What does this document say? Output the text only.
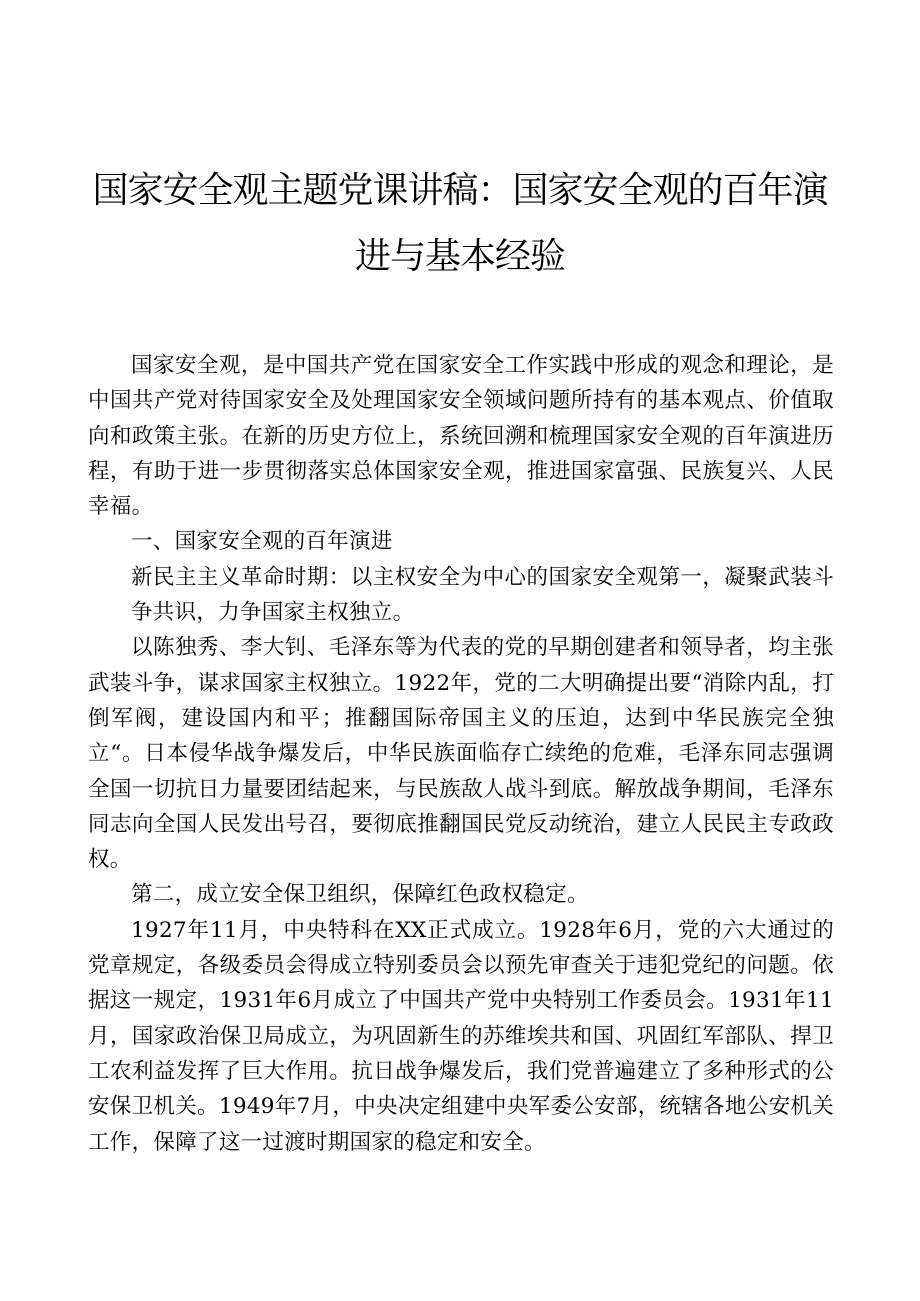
国家安全观主题党课讲稿：国家安全观的百年演
进与基本经验

国家安全观，是中国共产党在国家安全工作实践中形成的观念和理论，是中国共产党对待国家安全及处理国家安全领域问题所持有的基本观点、价值取向和政策主张。在新的历史方位上，系统回溯和梳理国家安全观的百年演进历程，有助于进一步贯彻落实总体国家安全观，推进国家富强、民族复兴、人民幸福。

一、国家安全观的百年演进

新民主主义革命时期：以主权安全为中心的国家安全观第一，凝聚武装斗争共识，力争国家主权独立。

以陈独秀、李大钊、毛泽东等为代表的党的早期创建者和领导者，均主张武装斗争，谋求国家主权独立。1922年，党的二大明确提出要“消除内乱，打倒军阀，建设国内和平；推翻国际帝国主义的压迫，达到中华民族完全独立“。日本侵华战争爆发后，中华民族面临存亡续绝的危难，毛泽东同志强调全国一切抗日力量要团结起来，与民族敌人战斗到底。解放战争期间，毛泽东同志向全国人民发出号召，要彻底推翻国民党反动统治，建立人民民主专政政权。

第二，成立安全保卫组织，保障红色政权稳定。

1927年11月，中央特科在XX正式成立。1928年6月，党的六大通过的党章规定，各级委员会得成立特别委员会以预先审查关于违犯党纪的问题。依据这一规定，1931年6月成立了中国共产党中央特别工作委员会。1931年11月，国家政治保卫局成立，为巩固新生的苏维埃共和国、巩固红军部队、捍卫工农利益发挥了巨大作用。抗日战争爆发后，我们党普遍建立了多种形式的公安保卫机关。1949年7月，中央决定组建中央军委公安部，统辖各地公安机关工作，保障了这一过渡时期国家的稳定和安全。
